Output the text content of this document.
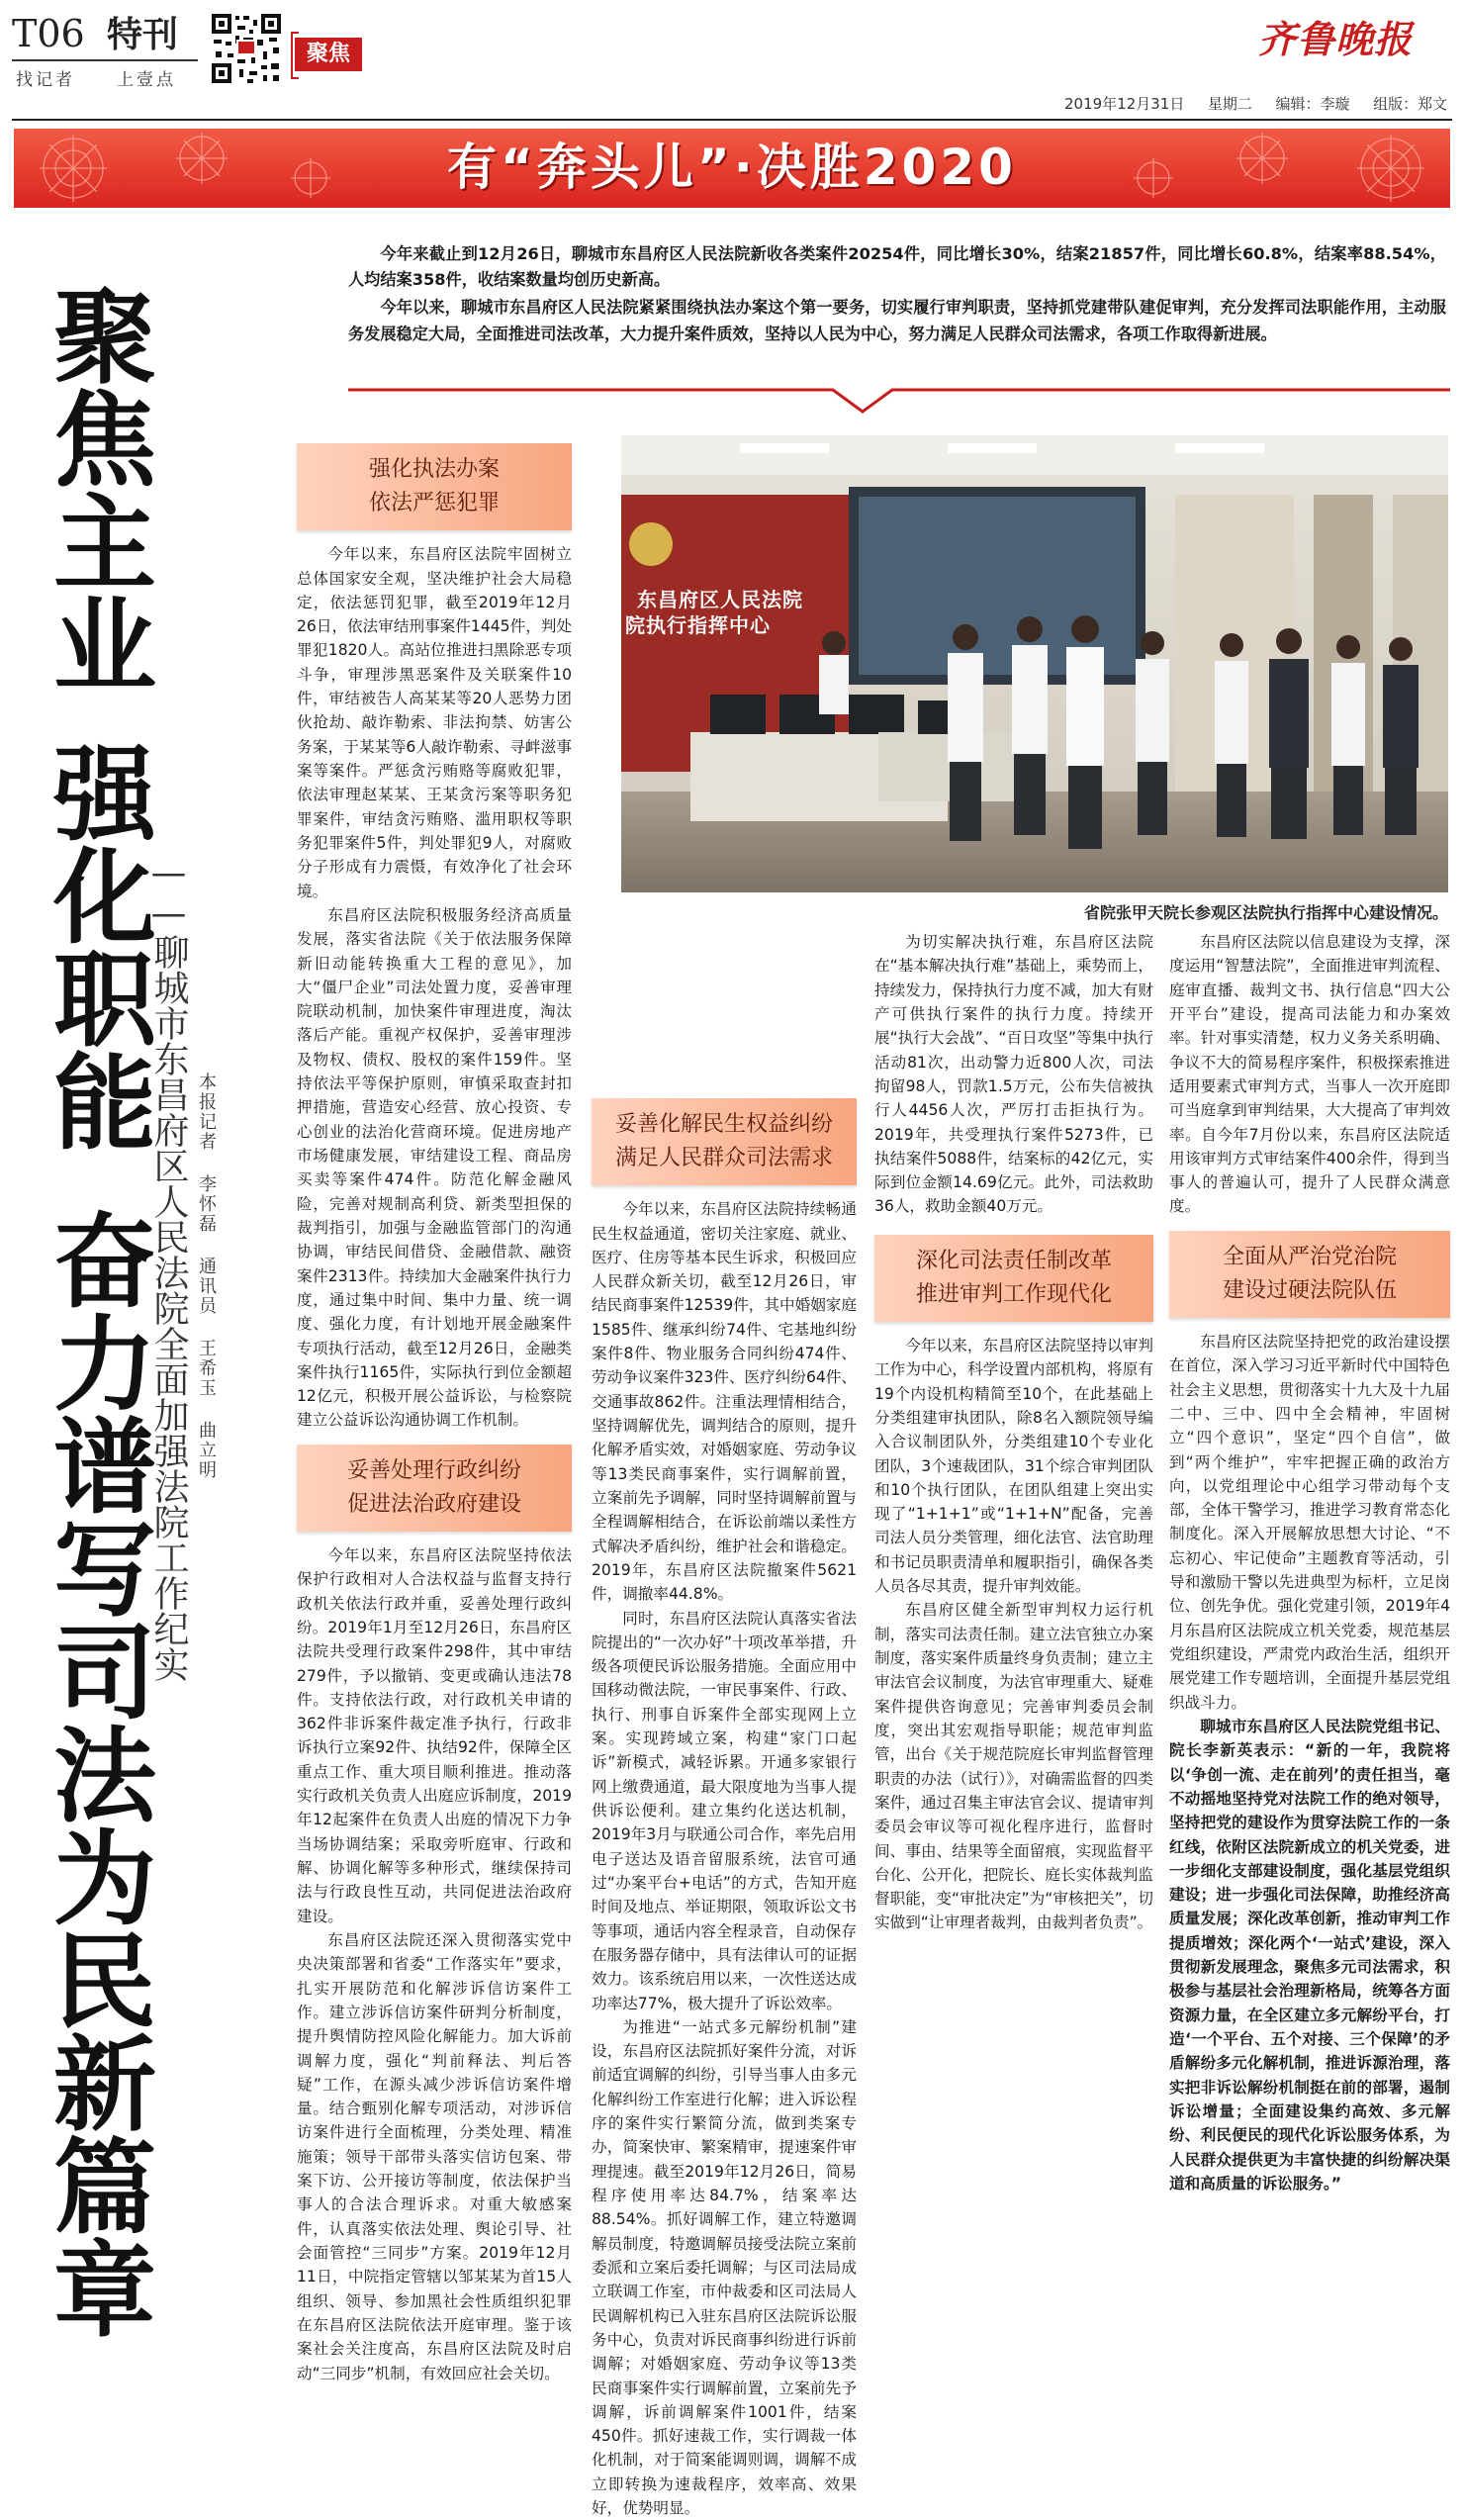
T06 特刊
找记者 上壹点
聚焦	齐鲁晚报
2019年12月31日 星期二 编辑：李璇 组版：郑文
有“奔头儿”·决胜2020

今年来截止到12月26日，聊城市东昌府区人民法院新收各类案件20254件，同比增长30%，结案21857件，同比增长60.8%，结案率88.54%，人均结案358件，收结案数量均创历史新高。

今年以来，聊城市东昌府区人民法院紧紧围绕执法办案这个第一要务，切实履行审判职责，坚持抓党建带队建促审判，充分发挥司法职能作用，主动服务发展稳定大局，全面推进司法改革，大力提升案件质效，坚持以人民为中心，努力满足人民群众司法需求，各项工作取得新进展。

聚焦主业
强化职能
奋力谱写司法为民新篇章
——聊城市东昌府区人民法院全面加强法院工作纪实 本报记者 李怀磊 通讯员 王希玉 曲立明
东昌府区人民法院
院执行指挥中心
省院张甲天院长参观区法院执行指挥中心建设情况。
强化执法办案
依法严惩犯罪

今年以来，东昌府区法院牢固树立总体国家安全观，坚决维护社会大局稳定，依法惩罚犯罪，截至2019年12月26日，依法审结刑事案件1445件，判处罪犯1820人。高站位推进扫黑除恶专项斗争，审理涉黑恶案件及关联案件10件，审结被告人高某某等20人恶势力团伙抢劫、敲诈勒索、非法拘禁、妨害公务案，于某某等6人敲诈勒索、寻衅滋事案等案件。严惩贪污贿赂等腐败犯罪，依法审理赵某某、王某贪污案等职务犯罪案件，审结贪污贿赂、滥用职权等职务犯罪案件5件，判处罪犯9人，对腐败分子形成有力震慑，有效净化了社会环境。

东昌府区法院积极服务经济高质量发展，落实省法院《关于依法服务保障新旧动能转换重大工程的意见》，加大“僵尸企业”司法处置力度，妥善审理院联动机制，加快案件审理进度，淘汰落后产能。重视产权保护，妥善审理涉及物权、债权、股权的案件159件。坚持依法平等保护原则，审慎采取查封扣押措施，营造安心经营、放心投资、专心创业的法治化营商环境。促进房地产市场健康发展，审结建设工程、商品房买卖等案件474件。防范化解金融风险，完善对规制高利贷、新类型担保的裁判指引，加强与金融监管部门的沟通协调，审结民间借贷、金融借款、融资案件2313件。持续加大金融案件执行力度，通过集中时间、集中力量、统一调度、强化力度，有计划地开展金融案件专项执行活动，截至12月26日，金融类案件执行1165件，实际执行到位金额超12亿元，积极开展公益诉讼，与检察院建立公益诉讼沟通协调工作机制。

妥善处理行政纠纷
促进法治政府建设

今年以来，东昌府区法院坚持依法保护行政相对人合法权益与监督支持行政机关依法行政并重，妥善处理行政纠纷。2019年1月至12月26日，东昌府区法院共受理行政案件298件，其中审结279件，予以撤销、变更或确认违法78件。支持依法行政，对行政机关申请的362件非诉案件裁定准予执行，行政非诉执行立案92件、执结92件，保障全区重点工作、重大项目顺利推进。推动落实行政机关负责人出庭应诉制度，2019年12起案件在负责人出庭的情况下力争当场协调结案；采取旁听庭审、行政和解、协调化解等多种形式，继续保持司法与行政良性互动，共同促进法治政府建设。

东昌府区法院还深入贯彻落实党中央决策部署和省委“工作落实年”要求，扎实开展防范和化解涉诉信访案件工作。建立涉诉信访案件研判分析制度，提升舆情防控风险化解能力。加大诉前调解力度，强化“判前释法、判后答疑”工作，在源头减少涉诉信访案件增量。结合甄别化解专项活动，对涉诉信访案件进行全面梳理，分类处理、精准施策；领导干部带头落实信访包案、带案下访、公开接访等制度，依法保护当事人的合法合理诉求。对重大敏感案件，认真落实依法处理、舆论引导、社会面管控“三同步”方案。2019年12月11日，中院指定管辖以邹某某为首15人组织、领导、参加黑社会性质组织犯罪在东昌府区法院依法开庭审理。鉴于该案社会关注度高，东昌府区法院及时启动“三同步”机制，有效回应社会关切。

妥善化解民生权益纠纷
满足人民群众司法需求

今年以来，东昌府区法院持续畅通民生权益通道，密切关注家庭、就业、医疗、住房等基本民生诉求，积极回应人民群众新关切，截至12月26日，审结民商事案件12539件，其中婚姻家庭1585件、继承纠纷74件、宅基地纠纷案件8件、物业服务合同纠纷474件、劳动争议案件323件、医疗纠纷64件、交通事故862件。注重法理情相结合，坚持调解优先，调判结合的原则，提升化解矛盾实效，对婚姻家庭、劳动争议等13类民商事案件，实行调解前置，立案前先予调解，同时坚持调解前置与全程调解相结合，在诉讼前端以柔性方式解决矛盾纠纷，维护社会和谐稳定。2019年，东昌府区法院撤案件5621件，调撤率44.8%。

同时，东昌府区法院认真落实省法院提出的“一次办好”十项改革举措，升级各项便民诉讼服务措施。全面应用中国移动微法院，一审民事案件、行政、执行、刑事自诉案件全部实现网上立案。实现跨域立案，构建“家门口起诉”新模式，减轻诉累。开通多家银行网上缴费通道，最大限度地为当事人提供诉讼便利。建立集约化送达机制，2019年3月与联通公司合作，率先启用电子送达及语音留服系统，法官可通过“办案平台+电话”的方式，告知开庭时间及地点、举证期限，领取诉讼文书等事项，通话内容全程录音，自动保存在服务器存储中，具有法律认可的证据效力。该系统启用以来，一次性送达成功率达77%，极大提升了诉讼效率。

为推进“一站式多元解纷机制”建设，东昌府区法院抓好案件分流，对诉前适宜调解的纠纷，引导当事人由多元化解纠纷工作室进行化解；进入诉讼程序的案件实行繁简分流，做到类案专办，简案快审、繁案精审，提速案件审理提速。截至2019年12月26日，简易程序使用率达84.7%，结案率达88.54%。抓好调解工作，建立特邀调解员制度，特邀调解员接受法院立案前委派和立案后委托调解；与区司法局成立联调工作室，市仲裁委和区司法局人民调解机构已入驻东昌府区法院诉讼服务中心，负责对诉民商事纠纷进行诉前调解；对婚姻家庭、劳动争议等13类民商事案件实行调解前置，立案前先予调解，诉前调解案件1001件，结案450件。抓好速裁工作，实行调裁一体化机制，对于简案能调则调，调解不成立即转换为速裁程序，效率高、效果好，优势明显。

为切实解决执行难，东昌府区法院在“基本解决执行难”基础上，乘势而上，持续发力，保持执行力度不减，加大有财产可供执行案件的执行力度。持续开展“执行大会战”、“百日攻坚”等集中执行活动81次，出动警力近800人次，司法拘留98人，罚款1.5万元，公布失信被执行人4456人次，严厉打击拒执行为。2019年，共受理执行案件5273件，已执结案件5088件，结案标的42亿元，实际到位金额14.69亿元。此外，司法救助36人，救助金额40万元。

深化司法责任制改革
推进审判工作现代化

今年以来，东昌府区法院坚持以审判工作为中心，科学设置内部机构，将原有19个内设机构精简至10个，在此基础上分类组建审执团队，除8名入额院领导编入合议制团队外，分类组建10个专业化团队，3个速裁团队，31个综合审判团队和10个执行团队，在团队组建上突出实现了“1+1+1”或“1+1+N”配备，完善司法人员分类管理，细化法官、法官助理和书记员职责清单和履职指引，确保各类人员各尽其责，提升审判效能。

东昌府区健全新型审判权力运行机制，落实司法责任制。建立法官独立办案制度，落实案件质量终身负责制；建立主审法官会议制度，为法官审理重大、疑难案件提供咨询意见；完善审判委员会制度，突出其宏观指导职能；规范审判监管，出台《关于规范院庭长审判监督管理职责的办法（试行）》，对确需监督的四类案件，通过召集主审法官会议、提请审判委员会审议等可视化程序进行，监督时间、事由、结果等全面留痕，实现监督平台化、公开化，把院长、庭长实体裁判监督职能，变“审批决定”为“审核把关”，切实做到“让审理者裁判，由裁判者负责”。

东昌府区法院以信息建设为支撑，深度运用“智慧法院”，全面推进审判流程、庭审直播、裁判文书、执行信息“四大公开平台”建设，提高司法能力和办案效率。针对事实清楚，权力义务关系明确、争议不大的简易程序案件，积极探索推进适用要素式审判方式，当事人一次开庭即可当庭拿到审判结果，大大提高了审判效率。自今年7月份以来，东昌府区法院适用该审判方式审结案件400余件，得到当事人的普遍认可，提升了人民群众满意度。

全面从严治党治院
建设过硬法院队伍

东昌府区法院坚持把党的政治建设摆在首位，深入学习习近平新时代中国特色社会主义思想，贯彻落实十九大及十九届二中、三中、四中全会精神，牢固树立“四个意识”，坚定“四个自信”，做到“两个维护”，牢牢把握正确的政治方向，以党组理论中心组学习带动每个支部，全体干警学习，推进学习教育常态化制度化。深入开展解放思想大讨论、“不忘初心、牢记使命”主题教育等活动，引导和激励干警以先进典型为标杆，立足岗位、创先争优。强化党建引领，2019年4月东昌府区法院成立机关党委，规范基层党组织建设，严肃党内政治生活，组织开展党建工作专题培训，全面提升基层党组织战斗力。

聊城市东昌府区人民法院党组书记、院长李新英表示：“新的一年，我院将以‘争创一流、走在前列’的责任担当，毫不动摇地坚持党对法院工作的绝对领导，坚持把党的建设作为贯穿法院工作的一条红线，依附区法院新成立的机关党委，进一步细化支部建设制度，强化基层党组织建设；进一步强化司法保障，助推经济高质量发展；深化改革创新，推动审判工作提质增效；深化两个‘一站式’建设，深入贯彻新发展理念，聚焦多元司法需求，积极参与基层社会治理新格局，统筹各方面资源力量，在全区建立多元解纷平台，打造‘一个平台、五个对接、三个保障’的矛盾解纷多元化解机制，推进诉源治理，落实把非诉讼解纷机制挺在前的部署，遏制诉讼增量；全面建设集约高效、多元解纷、利民便民的现代化诉讼服务体系，为人民群众提供更为丰富快捷的纠纷解决渠道和高质量的诉讼服务。”
